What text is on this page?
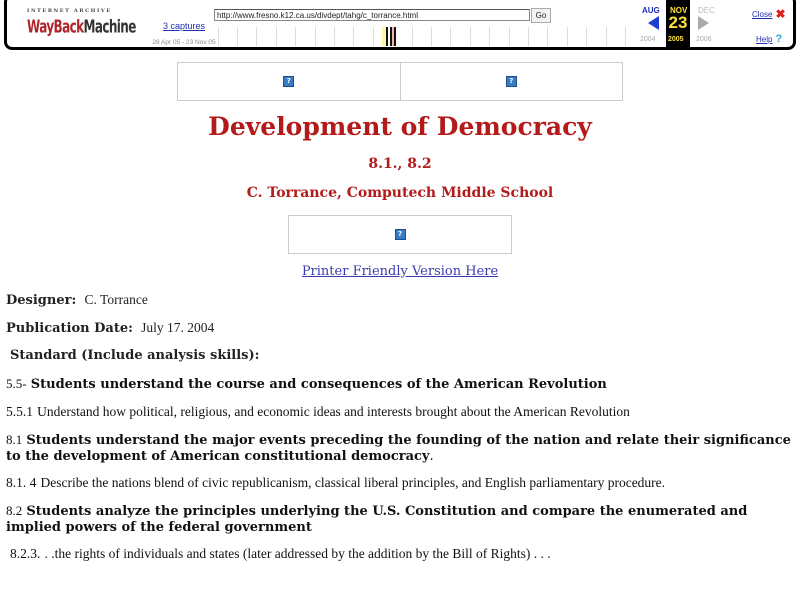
INTERNET ARCHIVE
WayBackMachine	3 captures
28 Apr 05 - 23 Nov 05
http://www.fresno.k12.ca.us/divdept/tahg/c_torrance.html	Go
AUG NOV DEC
23
2004 2005 2006
Close ✖
Help ?
?	?
Development of Democracy
8.1., 8.2
C. Torrance, Computech Middle School
?
Printer Friendly Version Here
Designer: C. Torrance
Publication Date: July 17. 2004
Standard (Include analysis skills):
5.5- Students understand the course and consequences of the American Revolution
5.5.1 Understand how political, religious, and economic ideas and interests brought about the American Revolution
8.1 Students understand the major events preceding the founding of the nation and relate their significance to the development of American constitutional democracy.
8.1. 4 Describe the nations blend of civic republicanism, classical liberal principles, and English parliamentary procedure.
8.2 Students analyze the principles underlying the U.S. Constitution and compare the enumerated and implied powers of the federal government
8.2.3. . .the rights of individuals and states (later addressed by the addition by the Bill of Rights) . . .
